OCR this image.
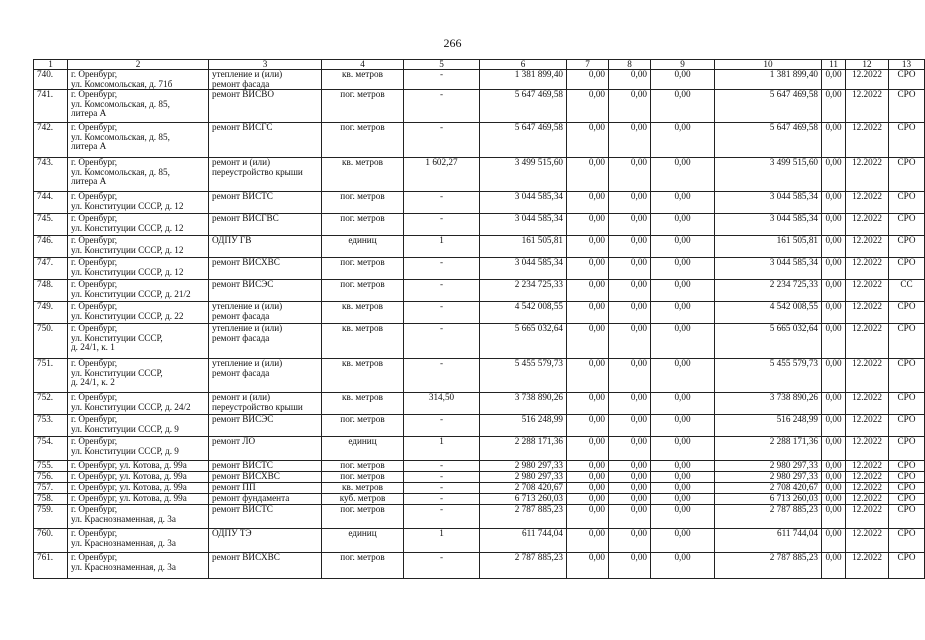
266
1	2	3	4	5	6	7	8	9	10	11	12	13
740.	г. Оренбург,
ул. Комсомольская, д. 71б	утепление и (или)
ремонт фасада	кв. метров	-	1 381 899,40	0,00	0,00	0,00	1 381 899,40	0,00	12.2022	СРО
741.	г. Оренбург,
ул. Комсомольская, д. 85,
литера А	ремонт ВИСВО	пог. метров	-	5 647 469,58	0,00	0,00	0,00	5 647 469,58	0,00	12.2022	СРО
742.	г. Оренбург,
ул. Комсомольская, д. 85,
литера А	ремонт ВИСГС	пог. метров	-	5 647 469,58	0,00	0,00	0,00	5 647 469,58	0,00	12.2022	СРО
743.	г. Оренбург,
ул. Комсомольская, д. 85,
литера А	ремонт и (или)
переустройство крыши	кв. метров	1 602,27	3 499 515,60	0,00	0,00	0,00	3 499 515,60	0,00	12.2022	СРО
744.	г. Оренбург,
ул. Конституции СССР, д. 12	ремонт ВИСТС	пог. метров	-	3 044 585,34	0,00	0,00	0,00	3 044 585,34	0,00	12.2022	СРО
745.	г. Оренбург,
ул. Конституции СССР, д. 12	ремонт ВИСГВС	пог. метров	-	3 044 585,34	0,00	0,00	0,00	3 044 585,34	0,00	12.2022	СРО
746.	г. Оренбург,
ул. Конституции СССР, д. 12	ОДПУ ГВ	единиц	1	161 505,81	0,00	0,00	0,00	161 505,81	0,00	12.2022	СРО
747.	г. Оренбург,
ул. Конституции СССР, д. 12	ремонт ВИСХВС	пог. метров	-	3 044 585,34	0,00	0,00	0,00	3 044 585,34	0,00	12.2022	СРО
748.	г. Оренбург,
ул. Конституции СССР, д. 21/2	ремонт ВИСЭС	пог. метров	-	2 234 725,33	0,00	0,00	0,00	2 234 725,33	0,00	12.2022	СС
749.	г. Оренбург,
ул. Конституции СССР, д. 22	утепление и (или)
ремонт фасада	кв. метров	-	4 542 008,55	0,00	0,00	0,00	4 542 008,55	0,00	12.2022	СРО
750.	г. Оренбург,
ул. Конституции СССР,
д. 24/1, к. 1	утепление и (или)
ремонт фасада	кв. метров	-	5 665 032,64	0,00	0,00	0,00	5 665 032,64	0,00	12.2022	СРО
751.	г. Оренбург,
ул. Конституции СССР,
д. 24/1, к. 2	утепление и (или)
ремонт фасада	кв. метров	-	5 455 579,73	0,00	0,00	0,00	5 455 579,73	0,00	12.2022	СРО
752.	г. Оренбург,
ул. Конституции СССР, д. 24/2	ремонт и (или)
переустройство крыши	кв. метров	314,50	3 738 890,26	0,00	0,00	0,00	3 738 890,26	0,00	12.2022	СРО
753.	г. Оренбург,
ул. Конституции СССР, д. 9	ремонт ВИСЭС	пог. метров	-	516 248,99	0,00	0,00	0,00	516 248,99	0,00	12.2022	СРО
754.	г. Оренбург,
ул. Конституции СССР, д. 9	ремонт ЛО	единиц	1	2 288 171,36	0,00	0,00	0,00	2 288 171,36	0,00	12.2022	СРО
755.	г. Оренбург, ул. Котова, д. 99а	ремонт ВИСТС	пог. метров	-	2 980 297,33	0,00	0,00	0,00	2 980 297,33	0,00	12.2022	СРО
756.	г. Оренбург, ул. Котова, д. 99а	ремонт ВИСХВС	пог. метров	-	2 980 297,33	0,00	0,00	0,00	2 980 297,33	0,00	12.2022	СРО
757.	г. Оренбург, ул. Котова, д. 99а	ремонт ПП	кв. метров	-	2 708 420,67	0,00	0,00	0,00	2 708 420,67	0,00	12.2022	СРО
758.	г. Оренбург, ул. Котова, д. 99а	ремонт фундамента	куб. метров	-	6 713 260,03	0,00	0,00	0,00	6 713 260,03	0,00	12.2022	СРО
759.	г. Оренбург,
ул. Краснознаменная, д. 3а	ремонт ВИСТС	пог. метров	-	2 787 885,23	0,00	0,00	0,00	2 787 885,23	0,00	12.2022	СРО
760.	г. Оренбург,
ул. Краснознаменная, д. 3а	ОДПУ ТЭ	единиц	1	611 744,04	0,00	0,00	0,00	611 744,04	0,00	12.2022	СРО
761.	г. Оренбург,
ул. Краснознаменная, д. 3а	ремонт ВИСХВС	пог. метров	-	2 787 885,23	0,00	0,00	0,00	2 787 885,23	0,00	12.2022	СРО
